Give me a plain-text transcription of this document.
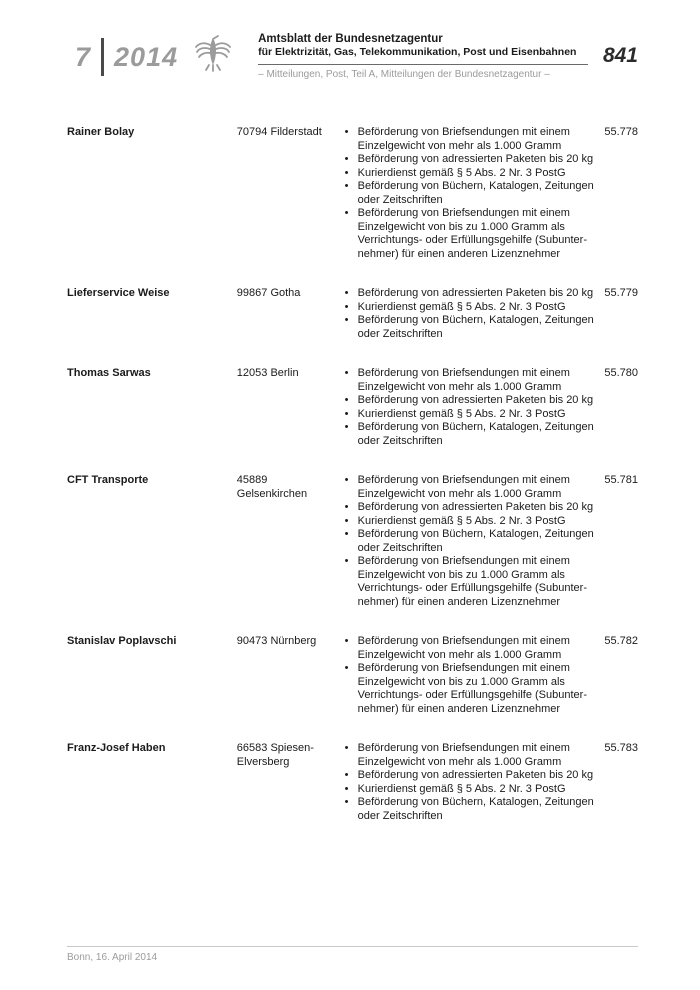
7 2014
Amtsblatt der Bundesnetzagentur
für Elektrizität, Gas, Telekommunikation, Post und Eisenbahnen
– Mitteilungen, Post, Teil A, Mitteilungen der Bundesnetzagentur –
841
Rainer Bolay	70794 Filderstadt	• Beförderung von Briefsendungen mit einem Einzelgewicht von mehr als 1.000 Gramm
• Beförderung von adressierten Paketen bis 20 kg
• Kurierdienst gemäß § 5 Abs. 2 Nr. 3 PostG
• Beförderung von Büchern, Katalogen, Zeitungen oder Zeitschriften
• Beförderung von Briefsendungen mit einem Einzelgewicht von bis zu 1.000 Gramm als Verrichtungs- oder Erfüllungsgehilfe (Subunternehmer) für einen anderen Lizenznehmer
55.778
Lieferservice Weise	99867 Gotha	• Beförderung von adressierten Paketen bis 20 kg
• Kurierdienst gemäß § 5 Abs. 2 Nr. 3 PostG
• Beförderung von Büchern, Katalogen, Zeitungen oder Zeitschriften
55.779
Thomas Sarwas	12053 Berlin	• Beförderung von Briefsendungen mit einem Einzelgewicht von mehr als 1.000 Gramm
• Beförderung von adressierten Paketen bis 20 kg
• Kurierdienst gemäß § 5 Abs. 2 Nr. 3 PostG
• Beförderung von Büchern, Katalogen, Zeitungen oder Zeitschriften
55.780
CFT Transporte	45889 Gelsenkirchen
• Beförderung von Briefsendungen mit einem Einzelgewicht von mehr als 1.000 Gramm
• Beförderung von adressierten Paketen bis 20 kg
• Kurierdienst gemäß § 5 Abs. 2 Nr. 3 PostG
• Beförderung von Büchern, Katalogen, Zeitungen oder Zeitschriften
• Beförderung von Briefsendungen mit einem Einzelgewicht von bis zu 1.000 Gramm als Verrichtungs- oder Erfüllungsgehilfe (Subunternehmer) für einen anderen Lizenznehmer
55.781
Stanislav Poplavschi	90473 Nürnberg	• Beförderung von Briefsendungen mit einem Einzelgewicht von mehr als 1.000 Gramm
• Beförderung von Briefsendungen mit einem Einzelgewicht von bis zu 1.000 Gramm als Verrichtungs- oder Erfüllungsgehilfe (Subunternehmer) für einen anderen Lizenznehmer
55.782
Franz-Josef Haben	66583 Spiesen-Elversberg
• Beförderung von Briefsendungen mit einem Einzelgewicht von mehr als 1.000 Gramm
• Beförderung von adressierten Paketen bis 20 kg
• Kurierdienst gemäß § 5 Abs. 2 Nr. 3 PostG
• Beförderung von Büchern, Katalogen, Zeitungen oder Zeitschriften
55.783
Bonn, 16. April 2014
